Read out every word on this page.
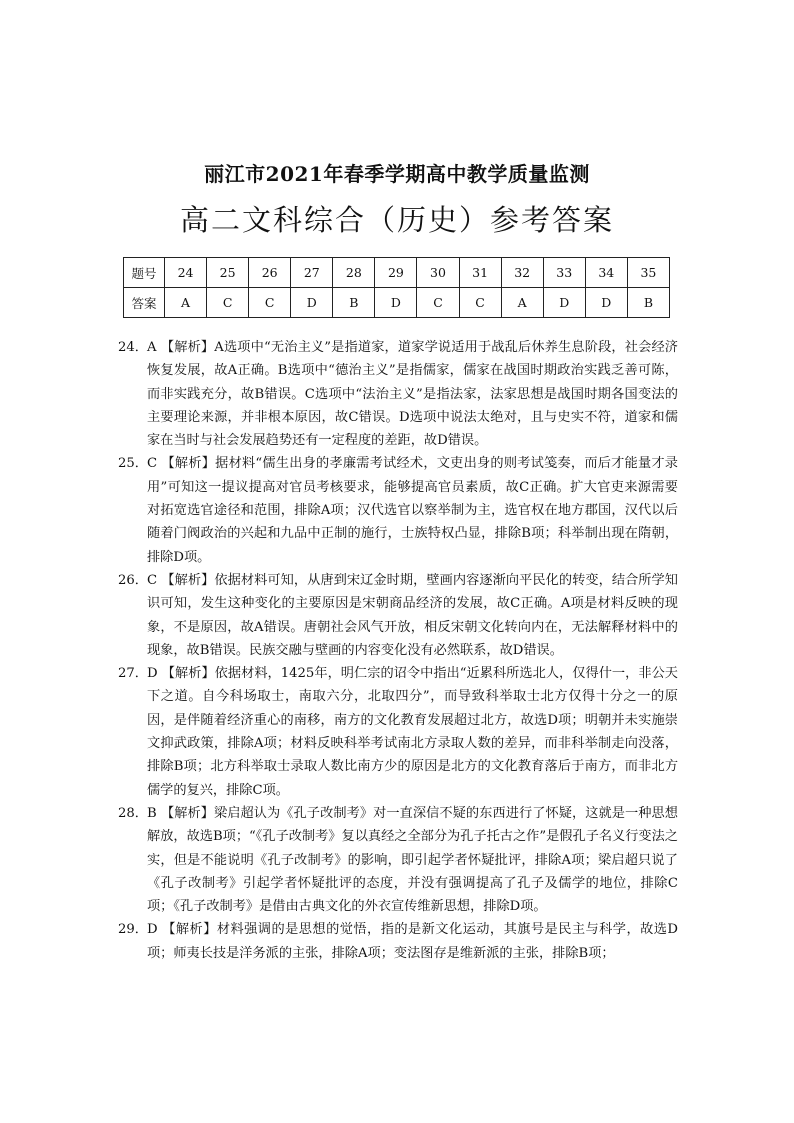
丽江市2021年春季学期高中教学质量监测
高二文科综合（历史）参考答案
题号	24	25	26	27	28	29	30	31	32	33	34	35
答案	A	C	C	D	B	D	C	C	A	D	D	B
24． A 【解析】A选项中“无治主义”是指道家，道家学说适用于战乱后休养生息阶段，社会经济恢复发展，故A正确。B选项中“德治主义”是指儒家，儒家在战国时期政治实践乏善可陈，而非实践充分，故B错误。C选项中“法治主义”是指法家，法家思想是战国时期各国变法的主要理论来源，并非根本原因，故C错误。D选项中说法太绝对，且与史实不符，道家和儒家在当时与社会发展趋势还有一定程度的差距，故D错误。
25． C 【解析】据材料“儒生出身的孝廉需考试经术，文吏出身的则考试笺奏，而后才能量才录用”可知这一提议提高对官员考核要求，能够提高官员素质，故C正确。扩大官吏来源需要对拓宽选官途径和范围，排除A项；汉代选官以察举制为主，选官权在地方郡国，汉代以后随着门阀政治的兴起和九品中正制的施行，士族特权凸显，排除B项；科举制出现在隋朝，排除D项。
26． C 【解析】依据材料可知，从唐到宋辽金时期，壁画内容逐渐向平民化的转变，结合所学知识可知，发生这种变化的主要原因是宋朝商品经济的发展，故C正确。A项是材料反映的现象，不是原因，故A错误。唐朝社会风气开放，相反宋朝文化转向内在，无法解释材料中的现象，故B错误。民族交融与壁画的内容变化没有必然联系，故D错误。
27． D 【解析】依据材料，1425年，明仁宗的诏令中指出“近累科所选北人，仅得什一，非公天下之道。自今科场取士，南取六分，北取四分”，而导致科举取士北方仅得十分之一的原因，是伴随着经济重心的南移，南方的文化教育发展超过北方，故选D项；明朝并未实施崇文抑武政策，排除A项；材料反映科举考试南北方录取人数的差异，而非科举制走向没落，排除B项；北方科举取士录取人数比南方少的原因是北方的文化教育落后于南方，而非北方儒学的复兴，排除C项。
28． B 【解析】梁启超认为《孔子改制考》对一直深信不疑的东西进行了怀疑，这就是一种思想解放，故选B项；“《孔子改制考》复以真经之全部分为孔子托古之作”是假孔子名义行变法之实，但是不能说明《孔子改制考》的影响，即引起学者怀疑批评，排除A项；梁启超只说了《孔子改制考》引起学者怀疑批评的态度，并没有强调提高了孔子及儒学的地位，排除C项；《孔子改制考》是借由古典文化的外衣宣传维新思想，排除D项。
29． D 【解析】材料强调的是思想的觉悟，指的是新文化运动，其旗号是民主与科学，故选D项；师夷长技是洋务派的主张，排除A项；变法图存是维新派的主张，排除B项；
